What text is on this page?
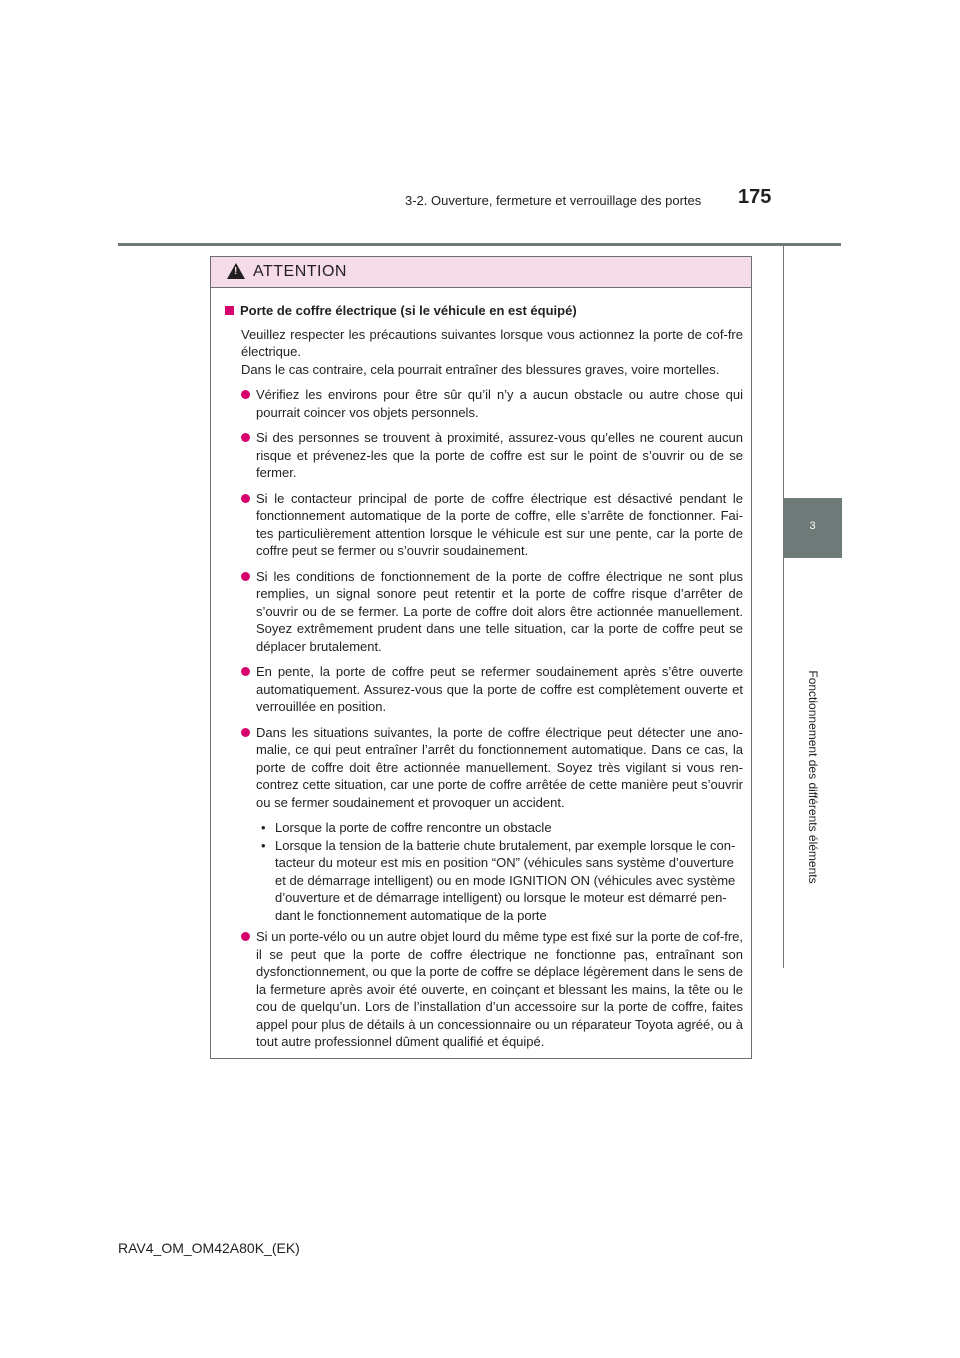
3-2. Ouverture, fermeture et verrouillage des portes 175
3
Fonctionnement des différents éléments
!
ATTENTION

Porte de coffre électrique (si le véhicule en est équipé)

Veuillez respecter les précautions suivantes lorsque vous actionnez la porte de cof-fre électrique.
Dans le cas contraire, cela pourrait entraîner des blessures graves, voire mortelles.

Vérifiez les environs pour être sûr qu’il n’y a aucun obstacle ou autre chose qui pourrait coincer vos objets personnels.
Si des personnes se trouvent à proximité, assurez-vous qu’elles ne courent aucun risque et prévenez-les que la porte de coffre est sur le point de s’ouvrir ou de se fermer.
Si le contacteur principal de porte de coffre électrique est désactivé pendant le fonctionnement automatique de la porte de coffre, elle s’arrête de fonctionner. Fai-tes particulièrement attention lorsque le véhicule est sur une pente, car la porte de coffre peut se fermer ou s’ouvrir soudainement.
Si les conditions de fonctionnement de la porte de coffre électrique ne sont plus remplies, un signal sonore peut retentir et la porte de coffre risque d’arrêter de s’ouvrir ou de se fermer. La porte de coffre doit alors être actionnée manuellement. Soyez extrêmement prudent dans une telle situation, car la porte de coffre peut se déplacer brutalement.
En pente, la porte de coffre peut se refermer soudainement après s’être ouverte automatiquement. Assurez-vous que la porte de coffre est complètement ouverte et verrouillée en position.
Dans les situations suivantes, la porte de coffre électrique peut détecter une ano-malie, ce qui peut entraîner l’arrêt du fonctionnement automatique. Dans ce cas, la porte de coffre doit être actionnée manuellement. Soyez très vigilant si vous ren-contrez cette situation, car une porte de coffre arrêtée de cette manière peut s’ouvrir ou se fermer soudainement et provoquer un accident.
• Lorsque la porte de coffre rencontre un obstacle
• Lorsque la tension de la batterie chute brutalement, par exemple lorsque le con-tacteur du moteur est mis en position “ON” (véhicules sans système d’ouverture et de démarrage intelligent) ou en mode IGNITION ON (véhicules avec système d’ouverture et de démarrage intelligent) ou lorsque le moteur est démarré pen-dant le fonctionnement automatique de la porte
Si un porte-vélo ou un autre objet lourd du même type est fixé sur la porte de cof-fre, il se peut que la porte de coffre électrique ne fonctionne pas, entraînant son dysfonctionnement, ou que la porte de coffre se déplace légèrement dans le sens de la fermeture après avoir été ouverte, en coinçant et blessant les mains, la tête ou le cou de quelqu’un. Lors de l’installation d’un accessoire sur la porte de coffre, faites appel pour plus de détails à un concessionnaire ou un réparateur Toyota agréé, ou à tout autre professionnel dûment qualifié et équipé.
RAV4_OM_OM42A80K_(EK)
